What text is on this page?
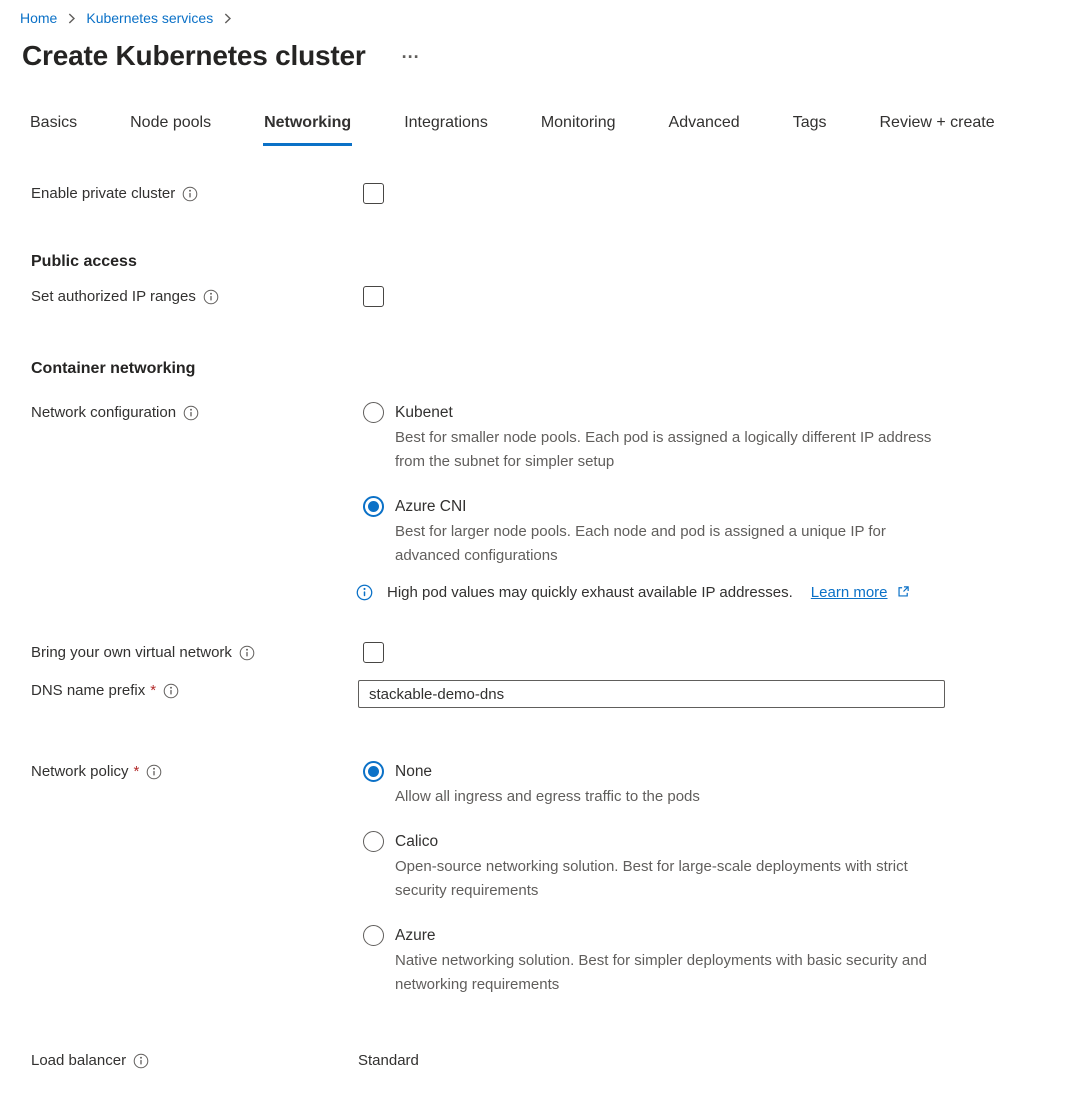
Home Kubernetes services
Create Kubernetes cluster ...
Basics	Node pools	Networking	Integrations	Monitoring	Advanced	Tags	Review + create
Enable private cluster
Public access
Set authorized IP ranges
Container networking
Network configuration	Kubenet
Best for smaller node pools. Each pod is assigned a logically different IP address from the subnet for simpler setup
Azure CNI
Best for larger node pools. Each node and pod is assigned a unique IP for advanced configurations
High pod values may quickly exhaust available IP addresses. Learn more
Bring your own virtual network
DNS name prefix *
stackable-demo-dns
Network policy *	None
Allow all ingress and egress traffic to the pods
Calico
Open-source networking solution. Best for large-scale deployments with strict security requirements
Azure
Native networking solution. Best for simpler deployments with basic security and networking requirements
Load balancer	Standard
